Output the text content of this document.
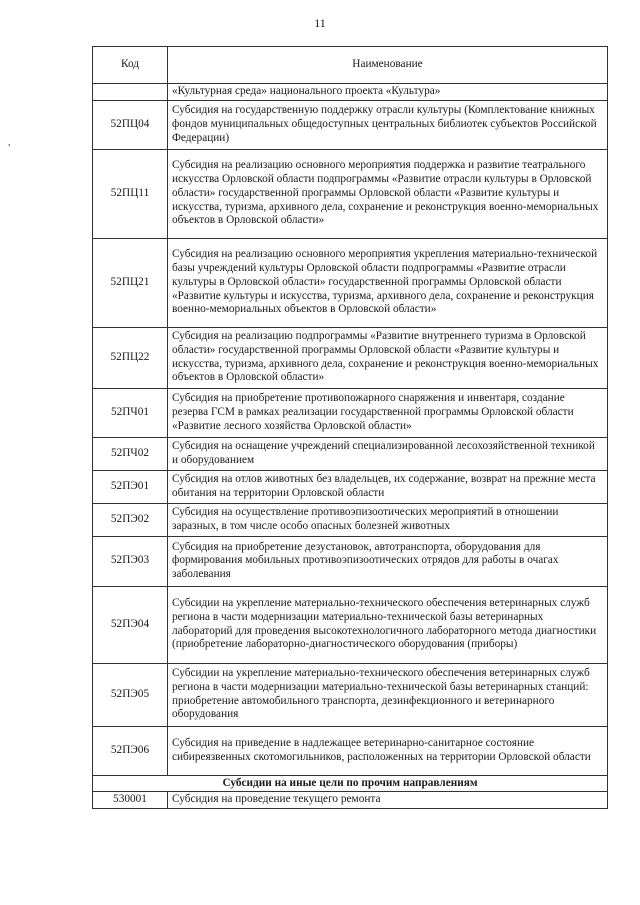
11
,
Код	Наименование
	«Культурная среда» национального проекта «Культура»
52ПЦ04	Субсидия на государственную поддержку отрасли культуры (Комплектование книжных фондов муниципальных общедоступных центральных библиотек субъектов Российской Федерации)
52ПЦ11	Субсидия на реализацию основного мероприятия поддержка и развитие театрального искусства Орловской области подпрограммы «Развитие отрасли культуры в Орловской области» государственной программы Орловской области «Развитие культуры и искусства, туризма, архивного дела, сохранение и реконструкция военно-мемориальных объектов в Орловской области»
52ПЦ21	Субсидия на реализацию основного мероприятия укрепления материально-технической базы учреждений культуры Орловской области подпрограммы «Развитие отрасли культуры в Орловской области» государственной программы Орловской области «Развитие культуры и искусства, туризма, архивного дела, сохранение и реконструкция военно-мемориальных объектов в Орловской области»
52ПЦ22	Субсидия на реализацию подпрограммы «Развитие внутреннего туризма в Орловской области» государственной программы Орловской области «Развитие культуры и искусства, туризма, архивного дела, сохранение и реконструкция военно-мемориальных объектов в Орловской области»
52ПЧ01	Субсидия на приобретение противопожарного снаряжения и инвентаря, создание резерва ГСМ в рамках реализации государственной программы Орловской области «Развитие лесного хозяйства Орловской области»
52ПЧ02	Субсидия на оснащение учреждений специализированной лесохозяйственной техникой и оборудованием
52ПЭ01	Субсидия на отлов животных без владельцев, их содержание, возврат на прежние места обитания на территории Орловской области
52ПЭ02	Субсидия на осуществление противоэпизоотических мероприятий в отношении заразных, в том числе особо опасных болезней животных
52ПЭ03	Субсидия на приобретение дезустановок, автотранспорта, оборудования для формирования мобильных противоэпизоотических отрядов для работы в очагах заболевания
52ПЭ04	Субсидии на укрепление материально-технического обеспечения ветеринарных служб региона в части модернизации материально-технической базы ветеринарных лабораторий для проведения высокотехнологичного лабораторного метода диагностики (приобретение лабораторно-диагностического оборудования (приборы)
52ПЭ05	Субсидии на укрепление материально-технического обеспечения ветеринарных служб региона в части модернизации материально-технической базы ветеринарных станций: приобретение автомобильного транспорта, дезинфекционного и ветеринарного оборудования
52ПЭ06	Субсидия на приведение в надлежащее ветеринарно-санитарное состояние сибиреязвенных скотомогильников, расположенных на территории Орловской области
Субсидии на иные цели по прочим направлениям	
530001	Субсидия на проведение текущего ремонта
